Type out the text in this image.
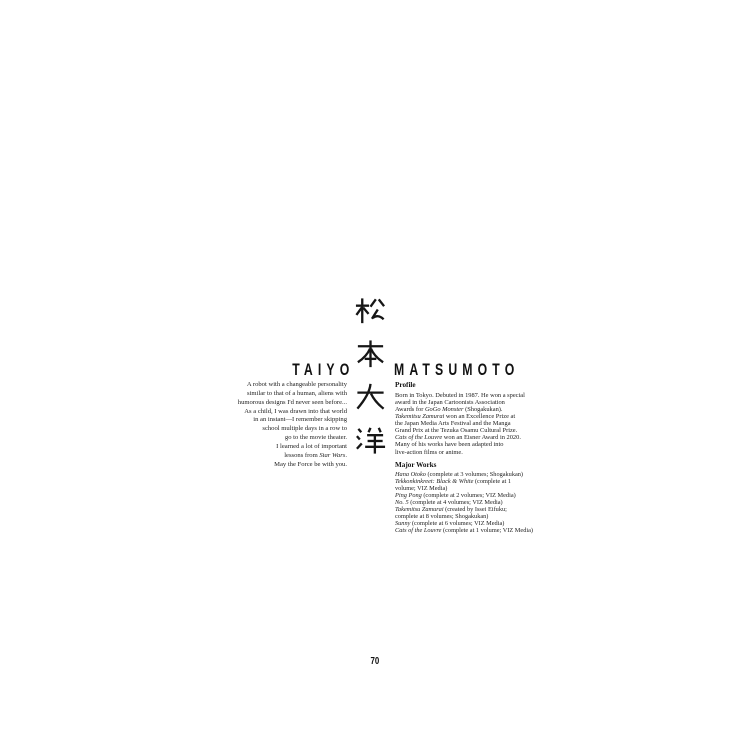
TAIYO MATSUMOTO
A robot with a changeable personality
similar to that of a human, aliens with
humorous designs I'd never seen before...
As a child, I was drawn into that world
in an instant—I remember skipping
school multiple days in a row to
go to the movie theater.
I learned a lot of important
lessons from Star Wars.
May the Force be with you.
Profile
Born in Tokyo. Debuted in 1987. He won a special
award in the Japan Cartoonists Association
Awards for GoGo Monster (Shogakukan).
Takemitsu Zamurai won an Excellence Prize at
the Japan Media Arts Festival and the Manga
Grand Prix at the Tezuka Osamu Cultural Prize.
Cats of the Louvre won an Eisner Award in 2020.
Many of his works have been adapted into
live-action films or anime.
Major Works
Hana Otoko (complete at 3 volumes; Shogakukan)
Tekkonkinkreet: Black & White (complete at 1
volume; VIZ Media)
Ping Pong (complete at 2 volumes; VIZ Media)
No. 5 (complete at 4 volumes; VIZ Media)
Takemitsu Zamurai (created by Issei Eifuku;
complete at 8 volumes; Shogakukan)
Sunny (complete at 6 volumes; VIZ Media)
Cats of the Louvre (complete at 1 volume; VIZ Media)
70
